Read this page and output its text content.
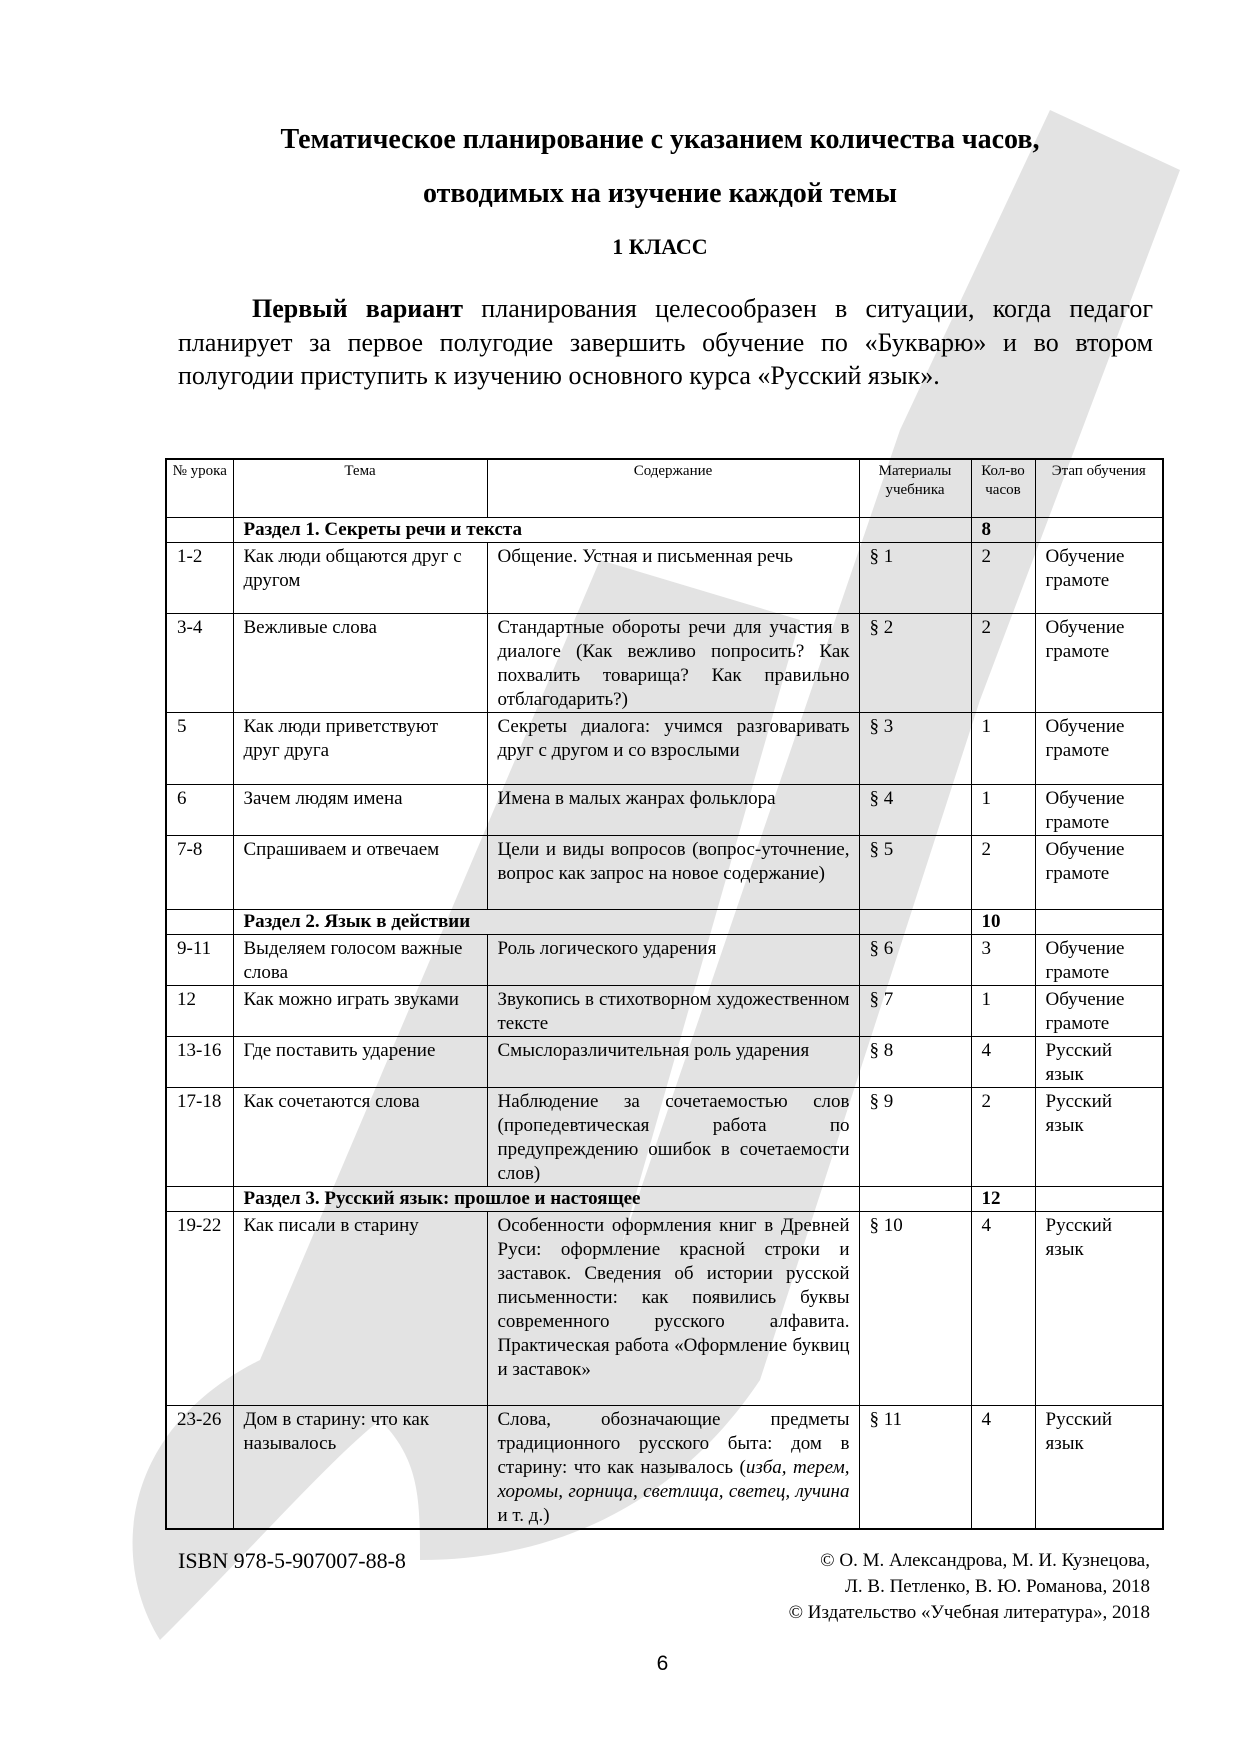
Тематическое планирование с указанием количества часов,
отводимых на изучение каждой темы
1 КЛАСС
Первый вариант планирования целесообразен в ситуации, когда педагог планирует за первое полугодие завершить обучение по «Букварю» и во втором полугодии приступить к изучению основного курса «Русский язык».
№ урока	Тема	Содержание	Материалы учебника	Кол-во часов	Этап обучения
	Раздел 1. Секреты речи и текста			8	
1-2	Как люди общаются друг с другом	Общение. Устная и письменная речь	§ 1	2	Обучение грамоте
3-4	Вежливые слова	Стандартные обороты речи для участия в диалоге (Как вежливо попросить? Как похвалить товарища? Как правильно отблагодарить?)	§ 2	2	Обучение грамоте
5	Как люди приветствуют друг друга	Секреты диалога: учимся разговаривать друг с другом и со взрослыми	§ 3	1	Обучение грамоте
6	Зачем людям имена	Имена в малых жанрах фольклора	§ 4	1	Обучение грамоте
7-8	Спрашиваем и отвечаем	Цели и виды вопросов (вопрос-уточнение, вопрос как запрос на новое содержание)	§ 5	2	Обучение грамоте
	Раздел 2. Язык в действии			10	
9-11	Выделяем голосом важные слова	Роль логического ударения	§ 6	3	Обучение грамоте
12	Как можно играть звуками	Звукопись в стихотворном художественном тексте	§ 7	1	Обучение грамоте
13-16	Где поставить ударение	Смыслоразличительная роль ударения	§ 8	4	Русский язык
17-18	Как сочетаются слова	Наблюдение за сочетаемостью слов (пропедевтическая работа по предупреждению ошибок в сочетаемости слов)	§ 9	2	Русский язык
	Раздел 3. Русский язык: прошлое и настоящее			12	
19-22	Как писали в старину	Особенности оформления книг в Древней Руси: оформление красной строки и заставок. Сведения об истории русской письменности: как появились буквы современного русского алфавита. Практическая работа «Оформление буквиц и заставок»	§ 10	4	Русский язык
23-26	Дом в старину: что как называлось	Слова, обозначающие предметы традиционного русского быта: дом в старину: что как называлось (изба, терем, хоромы, горница, светлица, светец, лучина и т. д.)	§ 11	4	Русский язык
ISBN 978-5-907007-88-8	© О. М. Александрова, М. И. Кузнецова,
Л. В. Петленко, В. Ю. Романова, 2018
© Издательство «Учебная литература», 2018
6
